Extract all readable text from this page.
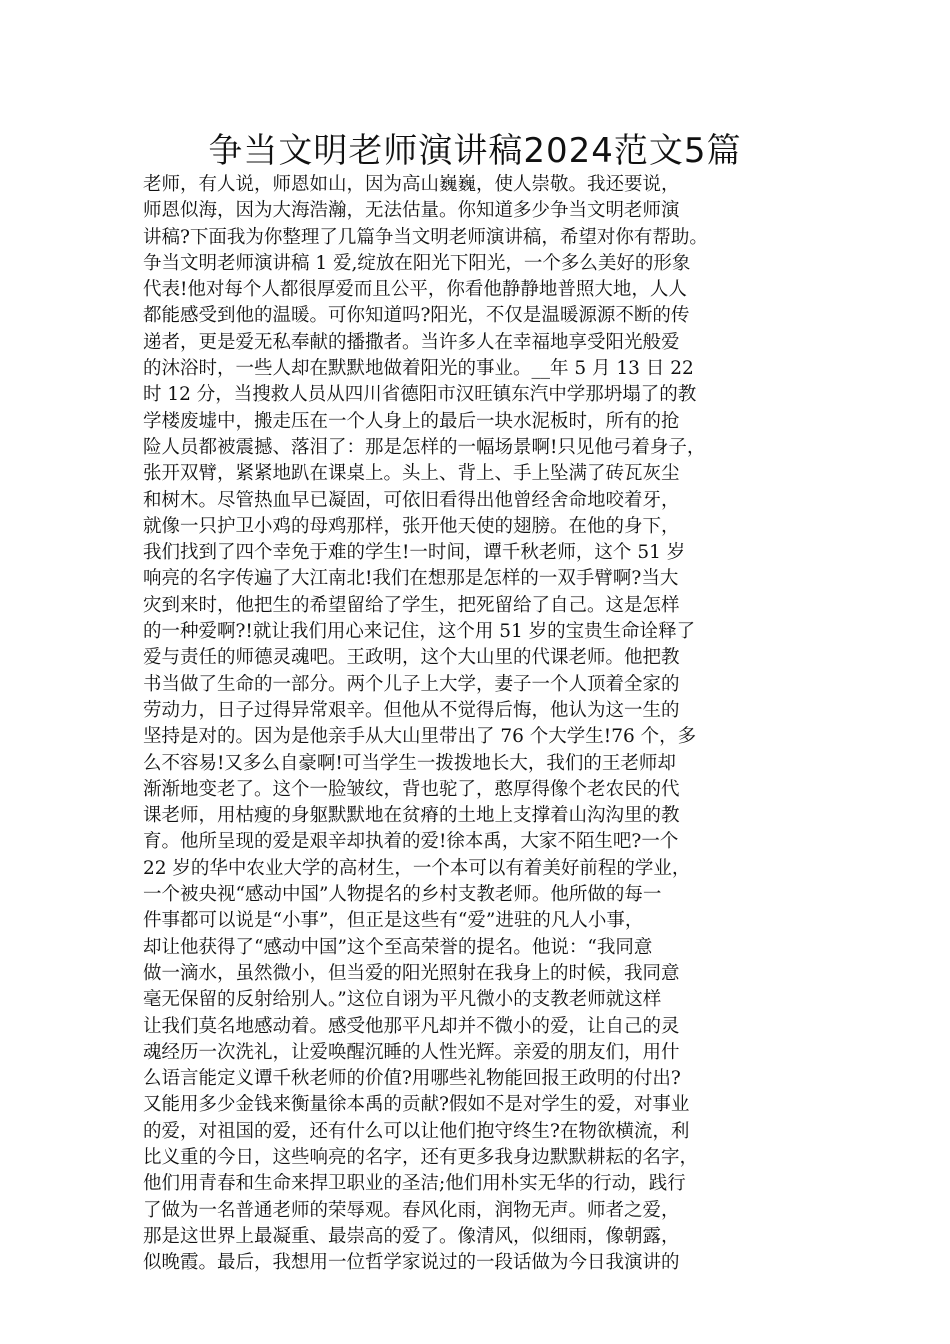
争当文明老师演讲稿2024范文5篇
老师，有人说，师恩如山，因为高山巍巍，使人崇敬。我还要说，
师恩似海，因为大海浩瀚，无法估量。你知道多少争当文明老师演
讲稿?下面我为你整理了几篇争当文明老师演讲稿，希望对你有帮助。
争当文明老师演讲稿 1 爱,绽放在阳光下阳光，一个多么美好的形象
代表!他对每个人都很厚爱而且公平，你看他静静地普照大地，人人
都能感受到他的温暖。可你知道吗?阳光，不仅是温暖源源不断的传
递者，更是爱无私奉献的播撒者。当许多人在幸福地享受阳光般爱
的沐浴时，一些人却在默默地做着阳光的事业。__年 5 月 13 日 22
时 12 分，当搜救人员从四川省德阳市汉旺镇东汽中学那坍塌了的教
学楼废墟中，搬走压在一个人身上的最后一块水泥板时，所有的抢
险人员都被震撼、落泪了：那是怎样的一幅场景啊!只见他弓着身子，
张开双臂，紧紧地趴在课桌上。头上、背上、手上坠满了砖瓦灰尘
和树木。尽管热血早已凝固，可依旧看得出他曾经舍命地咬着牙，
就像一只护卫小鸡的母鸡那样，张开他天使的翅膀。在他的身下，
我们找到了四个幸免于难的学生!一时间，谭千秋老师，这个 51 岁
响亮的名字传遍了大江南北!我们在想那是怎样的一双手臂啊?当大
灾到来时，他把生的希望留给了学生，把死留给了自己。这是怎样
的一种爱啊?!就让我们用心来记住，这个用 51 岁的宝贵生命诠释了
爱与责任的师德灵魂吧。王政明，这个大山里的代课老师。他把教
书当做了生命的一部分。两个儿子上大学，妻子一个人顶着全家的
劳动力，日子过得异常艰辛。但他从不觉得后悔，他认为这一生的
坚持是对的。因为是他亲手从大山里带出了 76 个大学生!76 个，多
么不容易!又多么自豪啊!可当学生一拨拨地长大，我们的王老师却
渐渐地变老了。这个一脸皱纹，背也驼了，憨厚得像个老农民的代
课老师，用枯瘦的身躯默默地在贫瘠的土地上支撑着山沟沟里的教
育。他所呈现的爱是艰辛却执着的爱!徐本禹，大家不陌生吧?一个
22 岁的华中农业大学的高材生，一个本可以有着美好前程的学业，
一个被央视“感动中国”人物提名的乡村支教老师。他所做的每一
件事都可以说是“小事”，但正是这些有“爱”进驻的凡人小事，
却让他获得了“感动中国”这个至高荣誉的提名。他说：“我同意
做一滴水，虽然微小，但当爱的阳光照射在我身上的时候，我同意
毫无保留的反射给别人。”这位自诩为平凡微小的支教老师就这样
让我们莫名地感动着。感受他那平凡却并不微小的爱，让自己的灵
魂经历一次洗礼，让爱唤醒沉睡的人性光辉。亲爱的朋友们，用什
么语言能定义谭千秋老师的价值?用哪些礼物能回报王政明的付出?
又能用多少金钱来衡量徐本禹的贡献?假如不是对学生的爱，对事业
的爱，对祖国的爱，还有什么可以让他们抱守终生?在物欲横流，利
比义重的今日，这些响亮的名字，还有更多我身边默默耕耘的名字，
他们用青春和生命来捍卫职业的圣洁;他们用朴实无华的行动，践行
了做为一名普通老师的荣辱观。春风化雨，润物无声。师者之爱，
那是这世界上最凝重、最崇高的爱了。像清风，似细雨，像朝露，
似晚霞。最后，我想用一位哲学家说过的一段话做为今日我演讲的
